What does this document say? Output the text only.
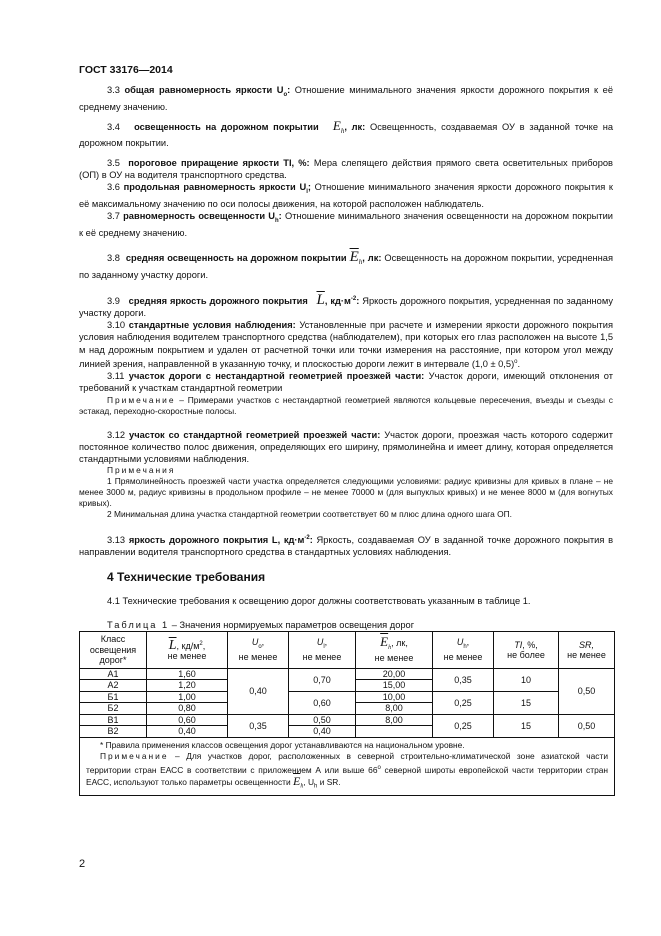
ГОСТ 33176—2014

3.3 общая равномерность яркости $U_o$: Отношение минимального значения яркости дорожного покрытия к её среднему значению.

3.4 освещенность на дорожном покрытии $E_h$, лк: Освещенность, создаваемая ОУ в заданной точке на дорожном покрытии.

3.5 пороговое приращение яркости TI, %: Мера слепящего действия прямого света осветительных приборов (ОП) в ОУ на водителя транспортного средства.

3.6 продольная равномерность яркости $U_l$; Отношение минимального значения яркости дорожного покрытия к её максимальному значению по оси полосы движения, на которой расположен наблюдатель.

3.7 равномерность освещенности $U_h$: Отношение минимального значения освещенности на дорожном покрытии к её среднему значению.

3.8 средняя освещенность на дорожном покрытии $\overline{E}_h$, лк: Освещенность на дорожном покрытии, усредненная по заданному участку дороги.

3.9 средняя яркость дорожного покрытия $\overline{L}$, $кд\cdot м^{-2}$: Яркость дорожного покрытия, усредненная по заданному участку дороги.

3.10 стандартные условия наблюдения: Установленные при расчете и измерении яркости дорожного покрытия условия наблюдения водителем транспортного средства (наблюдателем), при которых его глаз расположен на высоте 1,5 м над дорожным покрытием и удален от расчетной точки или точки измерения на расстояние, при котором угол между линией зрения, направленной в указанную точку, и плоскостью дороги лежит в интервале $(1,0 \pm 0,5)^о$.

3.11 участок дороги с нестандартной геометрией проезжей части: Участок дороги, имеющий отклонения от требований к участкам стандартной геометрии

Примечание – Примерами участков с нестандартной геометрией являются кольцевые пересечения, въезды и съезды с эстакад, переходно-скоростные полосы.

3.12 участок со стандартной геометрией проезжей части: Участок дороги, проезжая часть которого содержит постоянное количество полос движения, определяющих его ширину, прямолинейна и имеет длину, которая определяется стандартными условиями наблюдения.

Примечания

1 Прямолинейность проезжей части участка определяется следующими условиями: радиус кривизны для кривых в плане – не менее 3000 м, радиус кривизны в продольном профиле – не менее 70000 м (для выпуклых кривых) и не менее 8000 м (для вогнутых кривых).

2 Минимальная длина участка стандартной геометрии соответствует 60 м плюс длина одного шага ОП.

3.13 яркость дорожного покрытия L, $кд\cdot м^{-2}$: Яркость, создаваемая ОУ в заданной точке дорожного покрытия в направлении водителя транспортного средства в стандартных условиях наблюдения.

4 Технические требования

4.1 Технические требования к освещению дорог должны соответствовать указанным в таблице 1.

Таблица 1 – Значения нормируемых параметров освещения дорог

Класс освещения дорог*	$\overline{L}$, $кд/м^2$,
не менее	$U_o$,
не менее	$U_l$,
не менее	$\overline{E}_h$, лк,
не менее	$U_h$,
не менее	TI, %,
не более	SR,
не менее
А1	1,60	0,40	0,70	20,00	0,35	10	0,50
А2	1,20			15,00			
Б1	1,00		0,60	10,00	0,25	15	
Б2	0,80			8,00			
В1	0,60	0,35	0,50	8,00	0,25	15	0,50
В2	0,40		0,40				

* Правила применения классов освещения дорог устанавливаются на национальном уровне.
Примечание – Для участков дорог, расположенных в северной строительно-климатической зоне азиатской части территории стран ЕАСС в соответствии с приложением А или выше $66^о$ северной широты европейской части территории стран ЕАСС, используют только параметры освещенности $\overline{E}_h$, $U_h$ и SR.							
2
